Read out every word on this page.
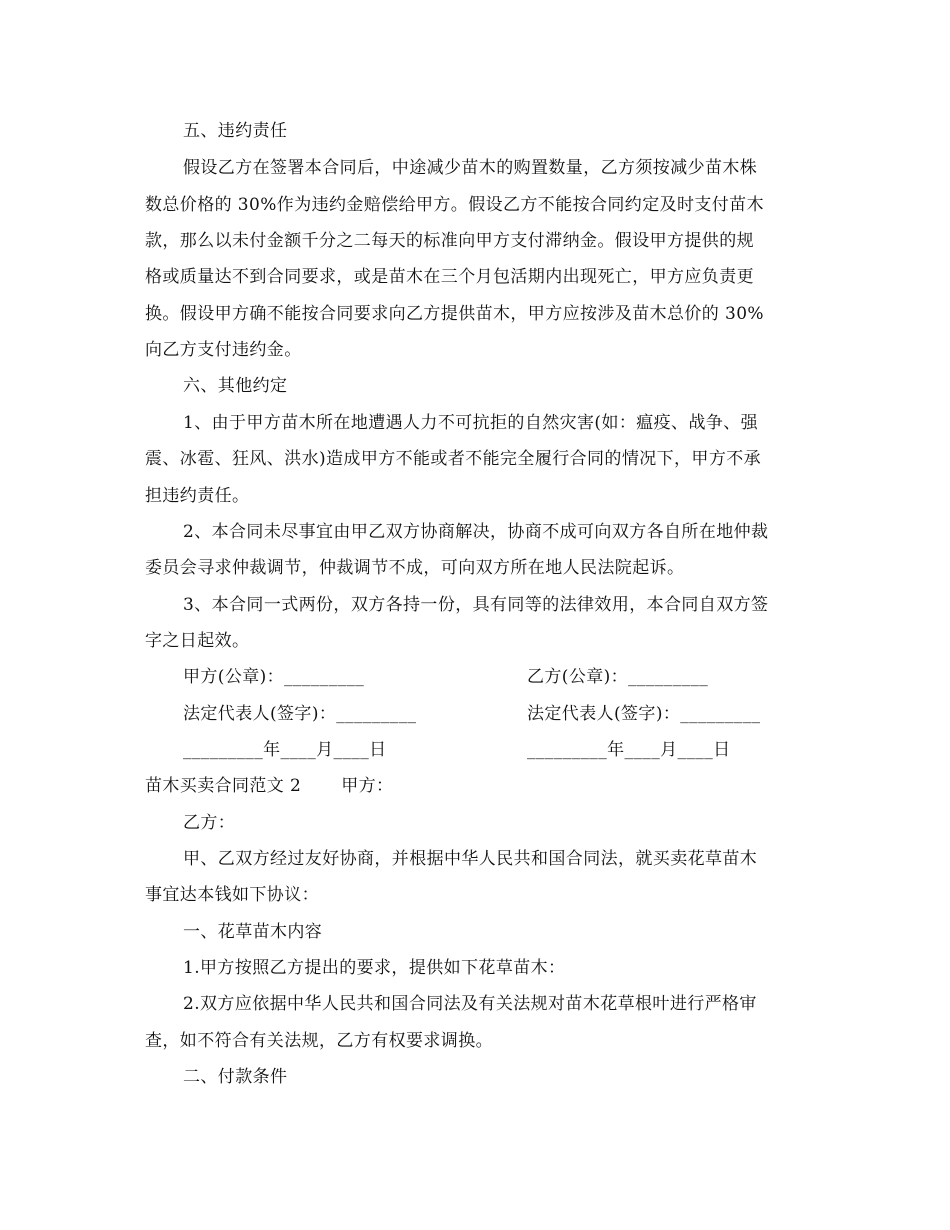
五、违约责任
假设乙方在签署本合同后，中途减少苗木的购置数量，乙方须按减少苗木株
数总价格的 30%作为违约金赔偿给甲方。假设乙方不能按合同约定及时支付苗木
款，那么以未付金额千分之二每天的标准向甲方支付滞纳金。假设甲方提供的规
格或质量达不到合同要求，或是苗木在三个月包活期内出现死亡，甲方应负责更
换。假设甲方确不能按合同要求向乙方提供苗木，甲方应按涉及苗木总价的 30%
向乙方支付违约金。
六、其他约定
1、由于甲方苗木所在地遭遇人力不可抗拒的自然灾害(如：瘟疫、战争、强
震、冰雹、狂风、洪水)造成甲方不能或者不能完全履行合同的情况下，甲方不承
担违约责任。
2、本合同未尽事宜由甲乙双方协商解决，协商不成可向双方各自所在地仲裁
委员会寻求仲裁调节，仲裁调节不成，可向双方所在地人民法院起诉。
3、本合同一式两份，双方各持一份，具有同等的法律效用，本合同自双方签
字之日起效。
甲方(公章)：_________	乙方(公章)：_________
法定代表人(签字)：_________	法定代表人(签字)：_________
_________年____月____日	_________年____月____日
苗木买卖合同范文 2 甲方：
乙方：
甲、乙双方经过友好协商，并根据中华人民共和国合同法，就买卖花草苗木
事宜达本钱如下协议：
一、花草苗木内容
1.甲方按照乙方提出的要求，提供如下花草苗木：
2.双方应依据中华人民共和国合同法及有关法规对苗木花草根叶进行严格审
查，如不符合有关法规，乙方有权要求调换。
二、付款条件
